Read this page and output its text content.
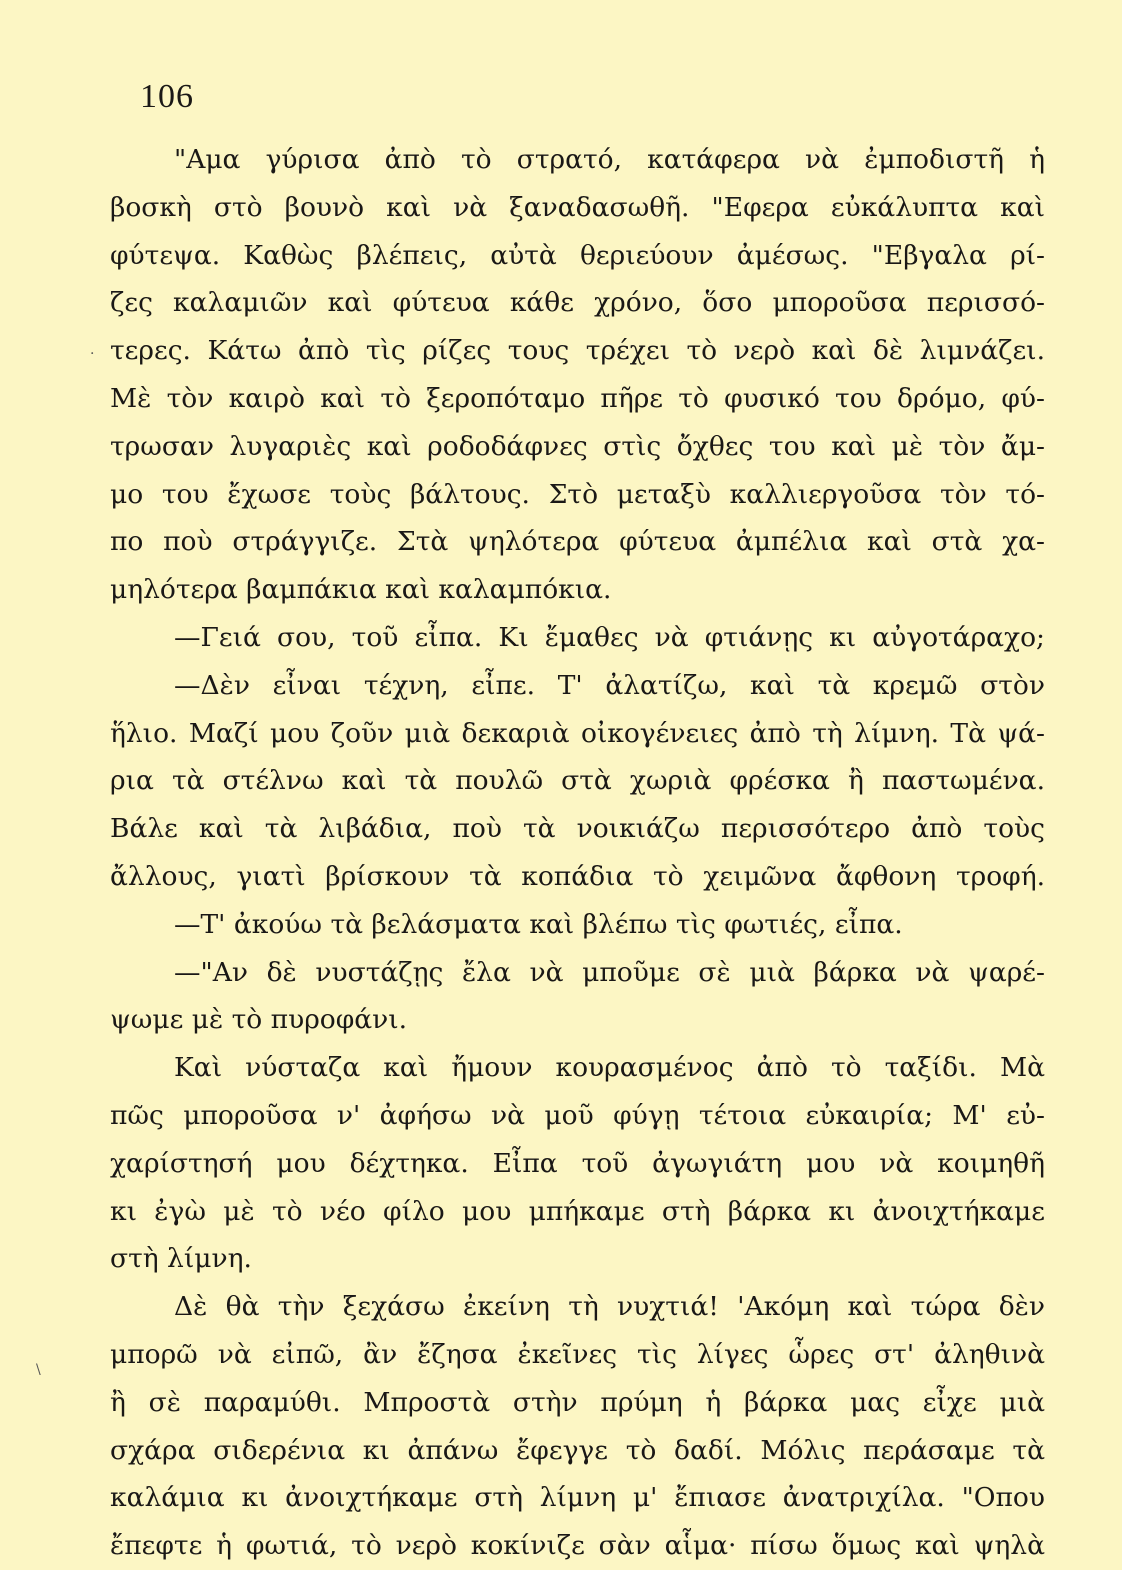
106
"Αμα γύρισα ἀπὸ τὸ στρατό, κατάφερα νὰ ἐμποδιστῆ ἡ
βοσκὴ στὸ βουνὸ καὶ νὰ ξαναδασωθῆ. "Εφερα εὐκάλυπτα καὶ
φύτεψα. Καθὼς βλέπεις, αὐτὰ θεριεύουν ἀμέσως. "Εβγαλα ρί-
ζες καλαμιῶν καὶ φύτευα κάθε χρόνο, ὅσο μποροῦσα περισσό-
τερες. Κάτω ἀπὸ τὶς ρίζες τους τρέχει τὸ νερὸ καὶ δὲ λιμνάζει.
Μὲ τὸν καιρὸ καὶ τὸ ξεροπόταμο πῆρε τὸ φυσικό του δρόμο, φύ-
τρωσαν λυγαριὲς καὶ ροδοδάφνες στὶς ὄχθες του καὶ μὲ τὸν ἄμ-
μο του ἔχωσε τοὺς βάλτους. Στὸ μεταξὺ καλλιεργοῦσα τὸν τό-
πο ποὺ στράγγιζε. Στὰ ψηλότερα φύτευα ἀμπέλια καὶ στὰ χα-
μηλότερα βαμπάκια καὶ καλαμπόκια.
—Γειά σου, τοῦ εἶπα. Κι ἔμαθες νὰ φτιάνῃς κι αὐγοτάραχο;
—Δὲν εἶναι τέχνη, εἶπε. Τ' ἀλατίζω, καὶ τὰ κρεμῶ στὸν
ἥλιο. Μαζί μου ζοῦν μιὰ δεκαριὰ οἰκογένειες ἀπὸ τὴ λίμνη. Τὰ ψά-
ρια τὰ στέλνω καὶ τὰ πουλῶ στὰ χωριὰ φρέσκα ἢ παστωμένα.
Βάλε καὶ τὰ λιβάδια, ποὺ τὰ νοικιάζω περισσότερο ἀπὸ τοὺς
ἄλλους, γιατὶ βρίσκουν τὰ κοπάδια τὸ χειμῶνα ἄφθονη τροφή.
—Τ' ἀκούω τὰ βελάσματα καὶ βλέπω τὶς φωτιές, εἶπα.
—"Αν δὲ νυστάζῃς ἔλα νὰ μποῦμε σὲ μιὰ βάρκα νὰ ψαρέ-
ψωμε μὲ τὸ πυροφάνι.
Καὶ νύσταζα καὶ ἤμουν κουρασμένος ἀπὸ τὸ ταξίδι. Μὰ
πῶς μποροῦσα ν' ἀφήσω νὰ μοῦ φύγῃ τέτοια εὐκαιρία; Μ' εὐ-
χαρίστησή μου δέχτηκα. Εἶπα τοῦ ἀγωγιάτη μου νὰ κοιμηθῆ
κι ἐγὼ μὲ τὸ νέο φίλο μου μπήκαμε στὴ βάρκα κι ἀνοιχτήκαμε
στὴ λίμνη.
Δὲ θὰ τὴν ξεχάσω ἐκείνη τὴ νυχτιά! 'Ακόμη καὶ τώρα δὲν
μπορῶ νὰ εἰπῶ, ἂν ἔζησα ἐκεῖνες τὶς λίγες ὧρες στ' ἀληθινὰ
ἢ σὲ παραμύθι. Μπροστὰ στὴν πρύμη ἡ βάρκα μας εἶχε μιὰ
σχάρα σιδερένια κι ἀπάνω ἔφεγγε τὸ δαδί. Μόλις περάσαμε τὰ
καλάμια κι ἀνοιχτήκαμε στὴ λίμνη μ' ἔπιασε ἀνατριχίλα. "Οπου
ἔπεφτε ἡ φωτιά, τὸ νερὸ κοκίνιζε σὰν αἷμα· πίσω ὅμως καὶ ψηλὰ
·
\
